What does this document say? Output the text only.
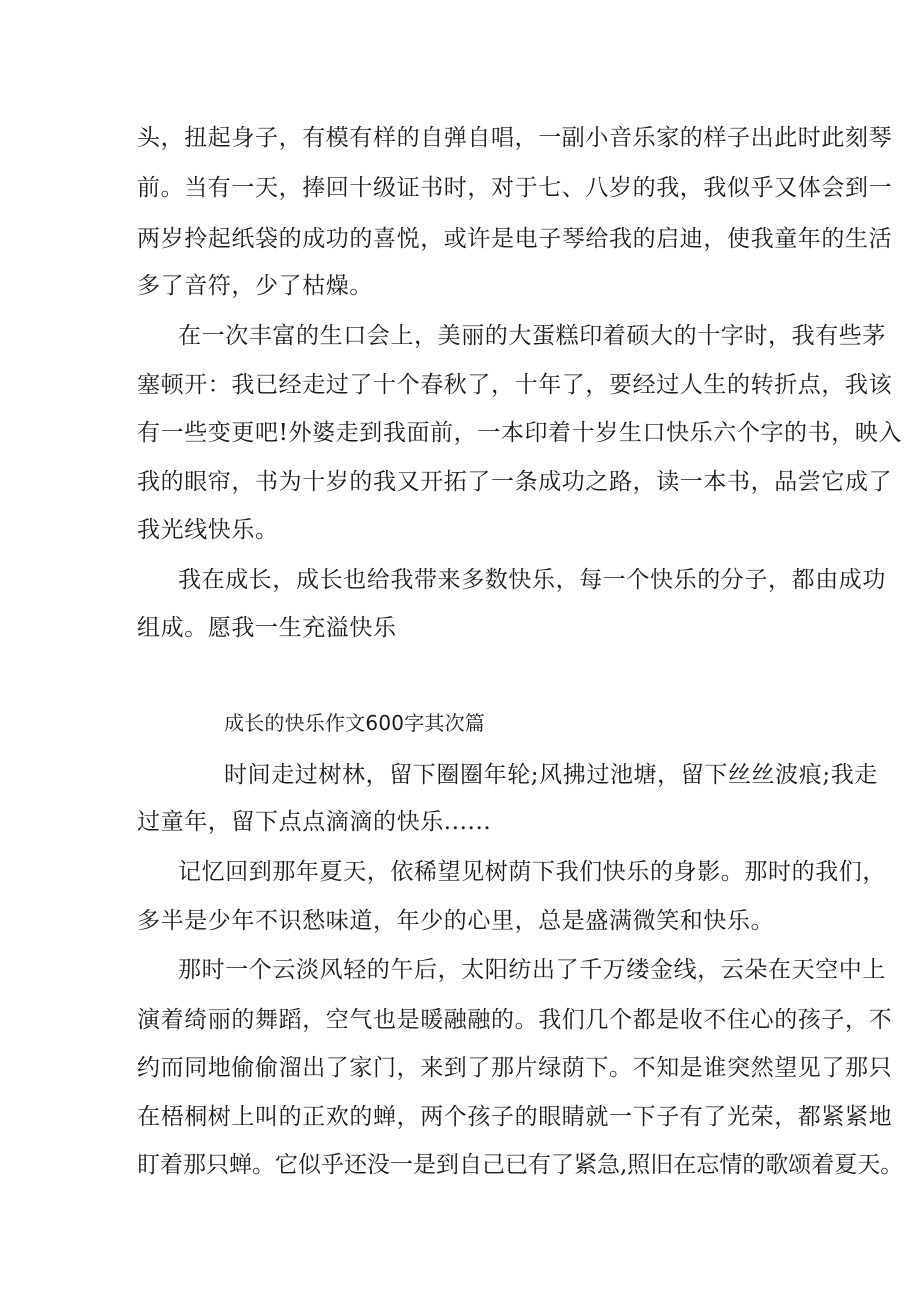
头，扭起身子，有模有样的自弹自唱，一副小音乐家的样子出此时此刻琴
前。当有一天，捧回十级证书时，对于七、八岁的我，我似乎又体会到一
两岁拎起纸袋的成功的喜悦，或许是电子琴给我的启迪，使我童年的生活
多了音符，少了枯燥。
在一次丰富的生口会上，美丽的大蛋糕印着硕大的十字时，我有些茅
塞顿开：我已经走过了十个春秋了，十年了，要经过人生的转折点，我该
有一些变更吧!外婆走到我面前，一本印着十岁生口快乐六个字的书，映入
我的眼帘，书为十岁的我又开拓了一条成功之路，读一本书，品尝它成了
我光线快乐。
我在成长，成长也给我带来多数快乐，每一个快乐的分子，都由成功
组成。愿我一生充溢快乐
成长的快乐作文600字其次篇
时间走过树林，留下圈圈年轮;风拂过池塘，留下丝丝波痕;我走
过童年，留下点点滴滴的快乐......
记忆回到那年夏天，依稀望见树荫下我们快乐的身影。那时的我们，
多半是少年不识愁味道，年少的心里，总是盛满微笑和快乐。
那时一个云淡风轻的午后，太阳纺出了千万缕金线，云朵在天空中上
演着绮丽的舞蹈，空气也是暖融融的。我们几个都是收不住心的孩子，不
约而同地偷偷溜出了家门，来到了那片绿荫下。不知是谁突然望见了那只
在梧桐树上叫的正欢的蝉，两个孩子的眼睛就一下子有了光荣，都紧紧地
盯着那只蝉。它似乎还没一是到自己已有了紧急,照旧在忘情的歌颂着夏天。
